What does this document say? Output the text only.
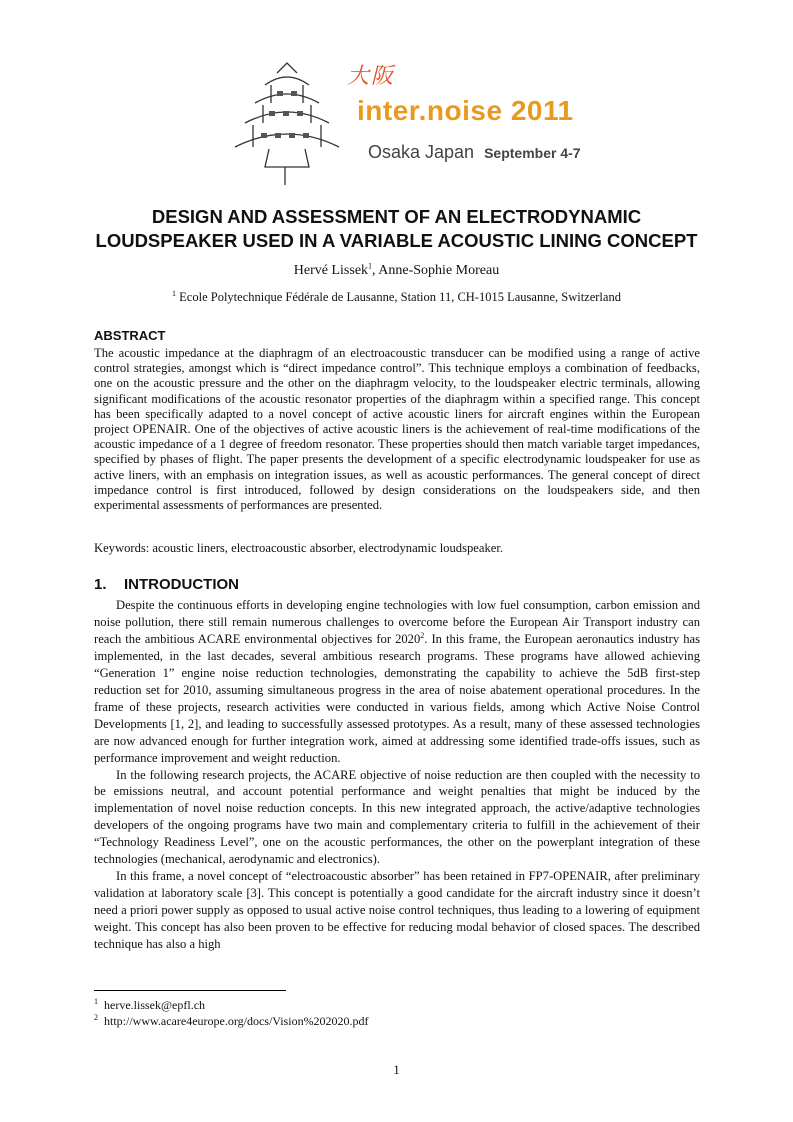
大阪
inter.noise 2011
Osaka Japan September 4-7
DESIGN AND ASSESSMENT OF AN ELECTRODYNAMIC
LOUDSPEAKER USED IN A VARIABLE ACOUSTIC LINING CONCEPT
Hervé Lissek$^1$, Anne-Sophie Moreau
$^1$ Ecole Polytechnique Fédérale de Lausanne, Station 11, CH-1015 Lausanne, Switzerland
ABSTRACT
The acoustic impedance at the diaphragm of an electroacoustic transducer can be modified using a range of active control strategies, amongst which is “direct impedance control”. This technique employs a combination of feedbacks, one on the acoustic pressure and the other on the diaphragm velocity, to the loudspeaker electric terminals, allowing significant modifications of the acoustic resonator properties of the diaphragm within a specified range. This concept has been specifically adapted to a novel concept of active acoustic liners for aircraft engines within the European project OPENAIR. One of the objectives of active acoustic liners is the achievement of real-time modifications of the acoustic impedance of a 1 degree of freedom resonator. These properties should then match variable target impedances, specified by phases of flight. The paper presents the development of a specific electrodynamic loudspeaker for use as active liners, with an emphasis on integration issues, as well as acoustic performances. The general concept of direct impedance control is first introduced, followed by design considerations on the loudspeakers side, and then experimental assessments of performances are presented.
Keywords: acoustic liners, electroacoustic absorber, electrodynamic loudspeaker.
1. INTRODUCTION

Despite the continuous efforts in developing engine technologies with low fuel consumption, carbon emission and noise pollution, there still remain numerous challenges to overcome before the European Air Transport industry can reach the ambitious ACARE environmental objectives for 2020$^2$. In this frame, the European aeronautics industry has implemented, in the last decades, several ambitious research programs. These programs have allowed achieving “Generation 1” engine noise reduction technologies, demonstrating the capability to achieve the 5dB first-step reduction set for 2010, assuming simultaneous progress in the area of noise abatement operational procedures. In the frame of these projects, research activities were conducted in various fields, among which Active Noise Control Developments [1, 2], and leading to successfully assessed prototypes. As a result, many of these assessed technologies are now advanced enough for further integration work, aimed at addressing some identified trade-offs issues, such as performance improvement and weight reduction.

In the following research projects, the ACARE objective of noise reduction are then coupled with the necessity to be emissions neutral, and account potential performance and weight penalties that might be induced by the implementation of novel noise reduction concepts. In this new integrated approach, the active/adaptive technologies developers of the ongoing programs have two main and complementary criteria to fulfill in the achievement of their “Technology Readiness Level”, one on the acoustic performances, the other on the powerplant integration of these technologies (mechanical, aerodynamic and electronics).

In this frame, a novel concept of “electroacoustic absorber” has been retained in FP7-OPENAIR, after preliminary validation at laboratory scale [3]. This concept is potentially a good candidate for the aircraft industry since it doesn’t need a priori power supply as opposed to usual active noise control techniques, thus leading to a lowering of equipment weight. This concept has also been proven to be effective for reducing modal behavior of closed spaces. The described technique has also a high

$^1$ herve.lissek@epfl.ch
$^2$ http://www.acare4europe.org/docs/Vision%202020.pdf
1
